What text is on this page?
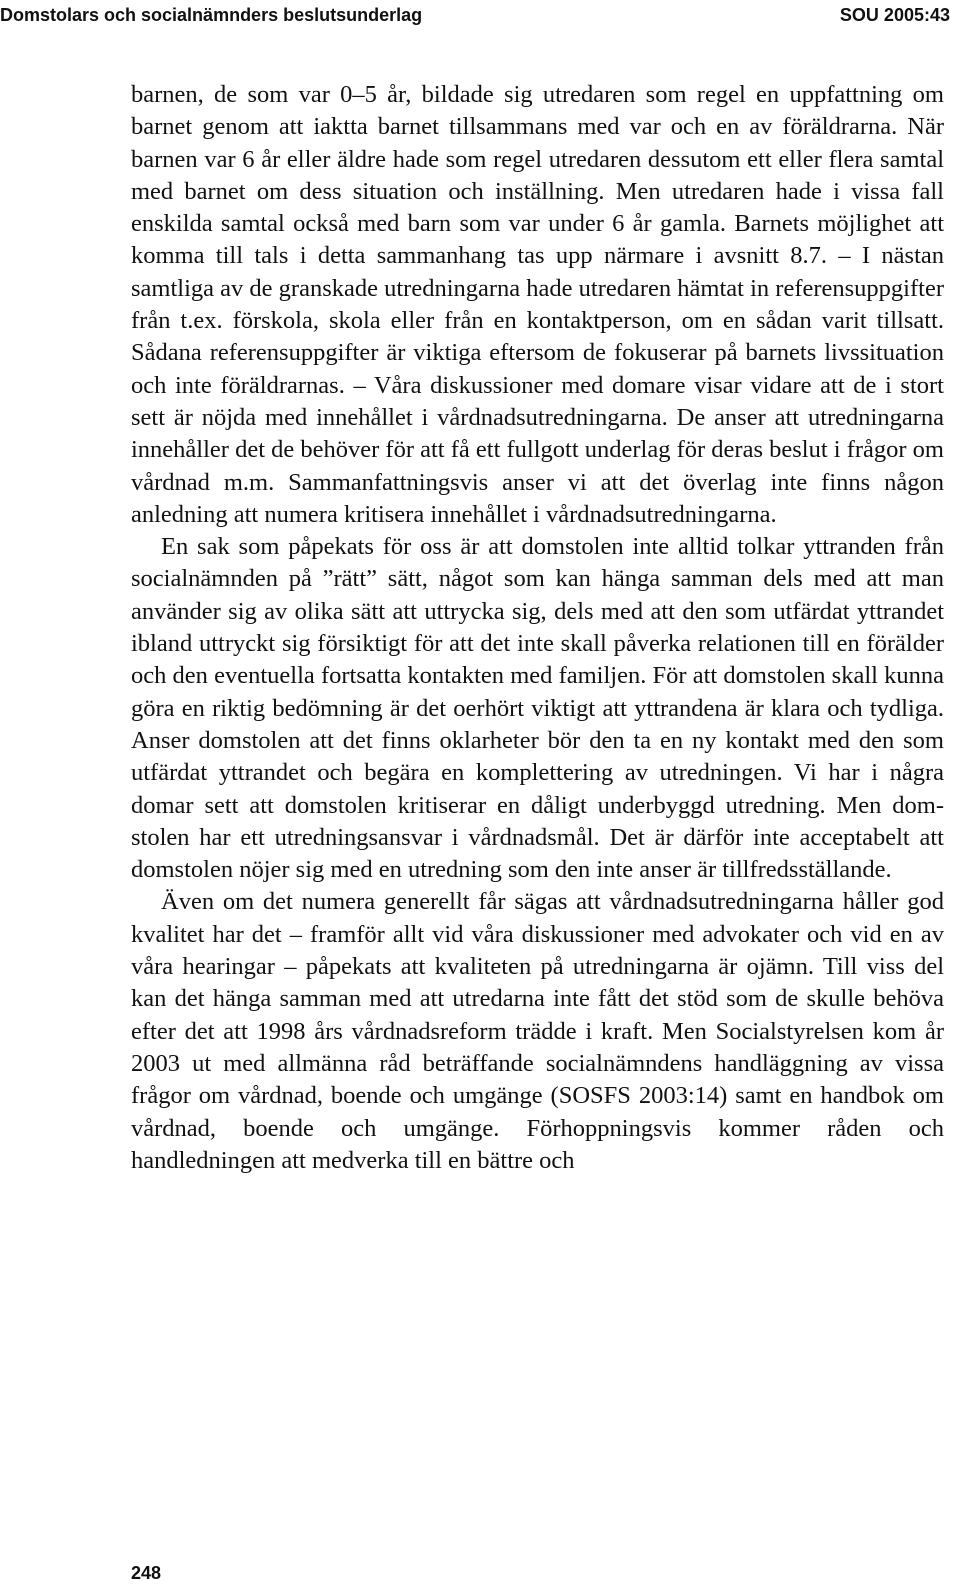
Domstolars och socialnämnders beslutsunderlag	SOU 2005:43

barnen, de som var 0–5 år, bildade sig utredaren som regel en uppfattning om barnet genom att iaktta barnet tillsammans med var och en av föräldrarna. När barnen var 6 år eller äldre hade som regel utredaren dessutom ett eller flera samtal med barnet om dess situation och inställning. Men utredaren hade i vissa fall enskilda samtal också med barn som var under 6 år gamla. Barnets möjlighet att komma till tals i detta sammanhang tas upp närmare i avsnitt 8.7. – I nästan samtliga av de granskade utredningarna hade utredaren hämtat in referensuppgifter från t.ex. förskola, skola eller från en kontaktperson, om en sådan varit tillsatt. Sådana referensuppgifter är viktiga eftersom de fokuserar på barnets livssituation och inte föräldrarnas. – Våra diskussioner med domare visar vidare att de i stort sett är nöjda med innehållet i vårdnadsutredningarna. De anser att utredningarna innehåller det de behöver för att få ett fullgott underlag för deras beslut i frågor om vårdnad m.m. Sammanfattningsvis anser vi att det överlag inte finns någon anledning att numera kritisera innehållet i vårdnadsutredningarna.

En sak som påpekats för oss är att domstolen inte alltid tolkar yttranden från socialnämnden på ”rätt” sätt, något som kan hänga samman dels med att man använder sig av olika sätt att uttrycka sig, dels med att den som utfärdat yttrandet ibland uttryckt sig försiktigt för att det inte skall påverka relationen till en förälder och den eventuella fortsatta kontakten med familjen. För att domstolen skall kunna göra en riktig bedömning är det oerhört viktigt att yttrandena är klara och tydliga. Anser domstolen att det finns oklarheter bör den ta en ny kontakt med den som utfärdat yttrandet och begära en komplettering av utredningen. Vi har i några domar sett att domstolen kritiserar en dåligt underbyggd utredning. Men domstolen har ett utredningsansvar i vårdnadsmål. Det är därför inte acceptabelt att domstolen nöjer sig med en utredning som den inte anser är tillfredsställande.

Även om det numera generellt får sägas att vårdnadsutredningarna håller god kvalitet har det – framför allt vid våra diskussioner med advokater och vid en av våra hearingar – påpekats att kvaliteten på utredningarna är ojämn. Till viss del kan det hänga samman med att utredarna inte fått det stöd som de skulle behöva efter det att 1998 års vårdnadsreform trädde i kraft. Men Socialstyrelsen kom år 2003 ut med allmänna råd beträffande socialnämndens handläggning av vissa frågor om vårdnad, boende och umgänge (SOSFS 2003:14) samt en handbok om vårdnad, boende och umgänge. Förhoppningsvis kommer råden och handledningen att medverka till en bättre och

248
